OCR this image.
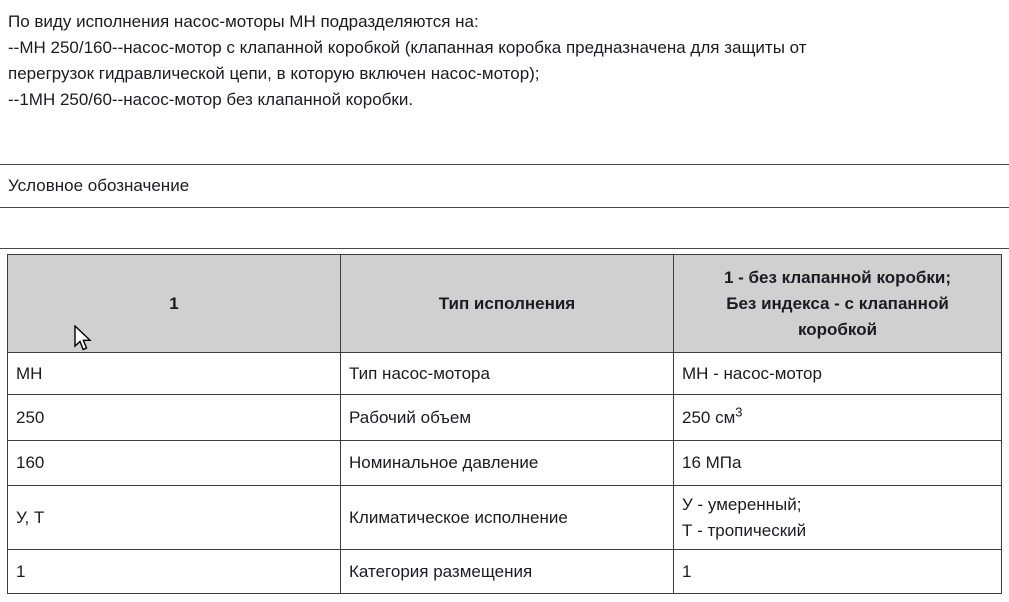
По виду исполнения насос-моторы МН подразделяются на:
--МН 250/160--насос-мотор с клапанной коробкой (клапанная коробка предназначена для защиты от
перегрузок гидравлической цепи, в которую включен насос-мотор);
--1МН 250/60--насос-мотор без клапанной коробки.
Условное обозначение
1	Тип исполнения	1 - без клапанной коробки;
Без индекса - с клапанной
коробкой

МН	Тип насос-мотора	МН - насос-мотор
250	Рабочий объем	250 $см^3$
160	Номинальное давление	16 МПа
У, Т	Климатическое исполнение	У - умеренный;
Т - тропический

1	Категория размещения	1
